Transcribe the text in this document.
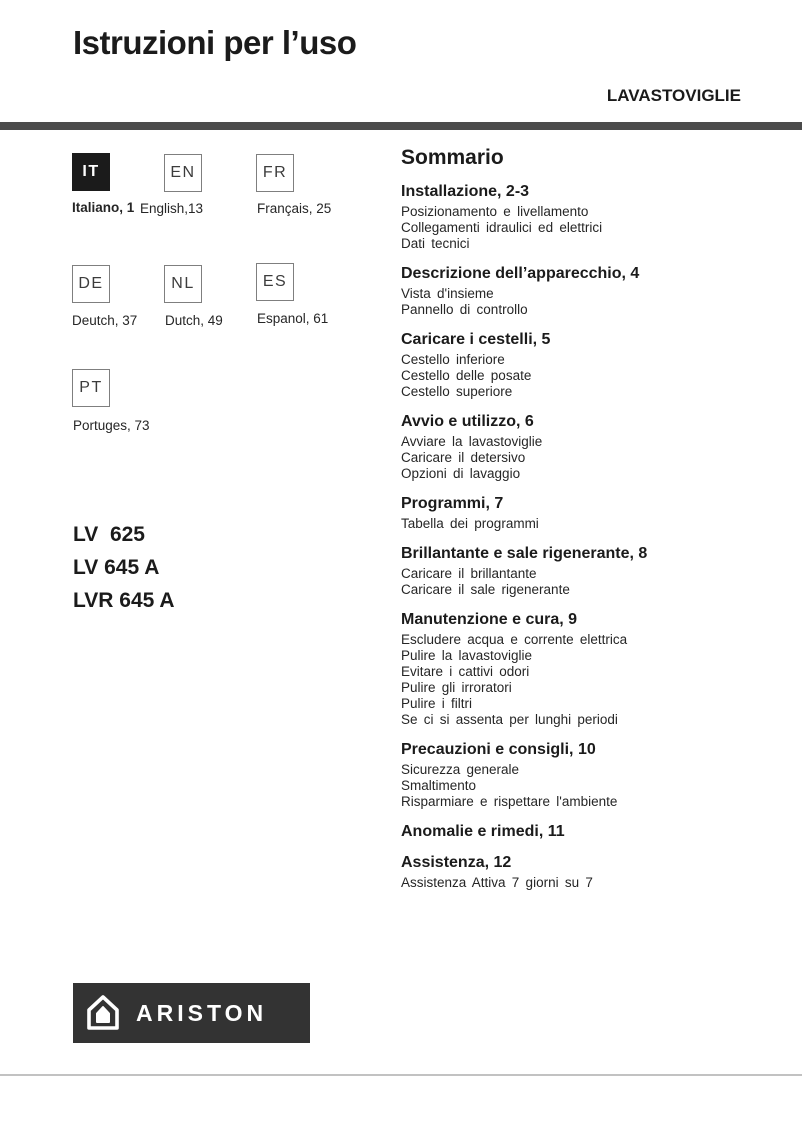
Istruzioni per l’uso
LAVASTOVIGLIE
IT
Italiano, 1
EN
English,13
FR
Français, 25
DE
Deutch, 37
NL
Dutch, 49
ES
Espanol, 61
PT
Portuges, 73
LV  625
LV 645 A
LVR 645 A
Sommario
Installazione, 2-3
Posizionamento e livellamento
Collegamenti idraulici ed elettrici
Dati tecnici
Descrizione dell’apparecchio, 4
Vista d'insieme
Pannello di controllo
Caricare i cestelli, 5
Cestello inferiore
Cestello delle posate
Cestello superiore
Avvio e utilizzo, 6
Avviare la lavastoviglie
Caricare il detersivo
Opzioni di lavaggio
Programmi, 7
Tabella dei programmi
Brillantante e sale rigenerante, 8
Caricare il brillantante
Caricare il sale rigenerante
Manutenzione e cura, 9
Escludere acqua e corrente elettrica
Pulire la lavastoviglie
Evitare i cattivi odori
Pulire gli irroratori
Pulire i filtri
Se ci si assenta per lunghi periodi
Precauzioni e consigli, 10
Sicurezza generale
Smaltimento
Risparmiare e rispettare l'ambiente
Anomalie e rimedi, 11
Assistenza, 12
Assistenza Attiva 7 giorni su 7
ARISTON
